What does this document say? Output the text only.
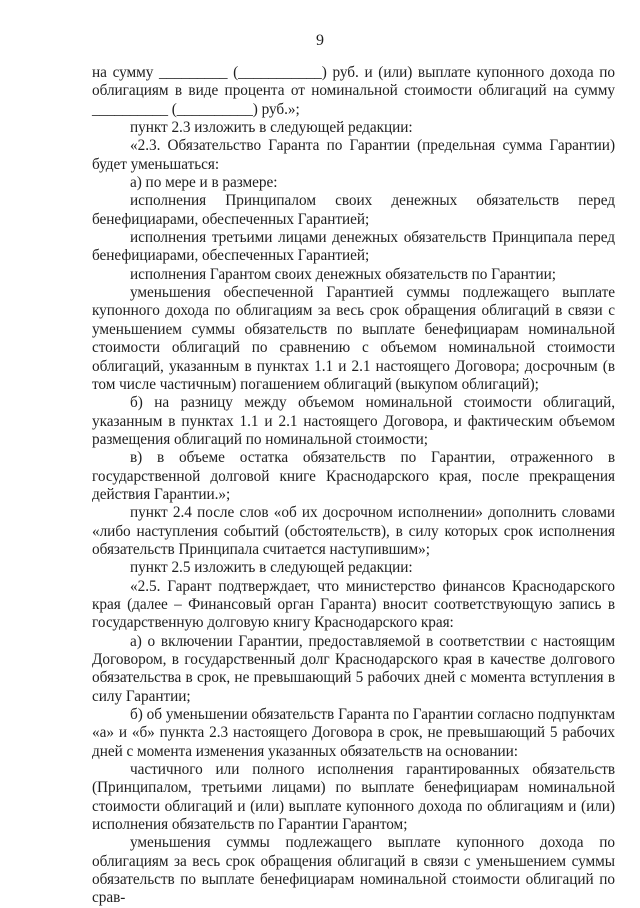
9

на сумму _________ (___________) руб. и (или) выплате купонного дохода по облигациям в виде процента от номинальной стоимости облигаций на сумму __________ (__________) руб.»;

пункт 2.3 изложить в следующей редакции:

«2.3. Обязательство Гаранта по Гарантии (предельная сумма Гарантии) будет уменьшаться:

а) по мере и в размере:

исполнения Принципалом своих денежных обязательств перед бенефициарами, обеспеченных Гарантией;

исполнения третьими лицами денежных обязательств Принципала перед бенефициарами, обеспеченных Гарантией;

исполнения Гарантом своих денежных обязательств по Гарантии;

уменьшения обеспеченной Гарантией суммы подлежащего выплате купонного дохода по облигациям за весь срок обращения облигаций в связи с уменьшением суммы обязательств по выплате бенефициарам номинальной стоимости облигаций по сравнению с объемом номинальной стоимости облигаций, указанным в пунктах 1.1 и 2.1 настоящего Договора; досрочным (в том числе частичным) погашением облигаций (выкупом облигаций);

б) на разницу между объемом номинальной стоимости облигаций, указанным в пунктах 1.1 и 2.1 настоящего Договора, и фактическим объемом размещения облигаций по номинальной стоимости;

в) в объеме остатка обязательств по Гарантии, отраженного в государственной долговой книге Краснодарского края, после прекращения действия Гарантии.»;

пункт 2.4 после слов «об их досрочном исполнении» дополнить словами «либо наступления событий (обстоятельств), в силу которых срок исполнения обязательств Принципала считается наступившим»;

пункт 2.5 изложить в следующей редакции:

«2.5. Гарант подтверждает, что министерство финансов Краснодарского края (далее – Финансовый орган Гаранта) вносит соответствующую запись в государственную долговую книгу Краснодарского края:

а) о включении Гарантии, предоставляемой в соответствии с настоящим Договором, в государственный долг Краснодарского края в качестве долгового обязательства в срок, не превышающий 5 рабочих дней с момента вступления в силу Гарантии;

б) об уменьшении обязательств Гаранта по Гарантии согласно подпунктам «а» и «б» пункта 2.3 настоящего Договора в срок, не превышающий 5 рабочих дней с момента изменения указанных обязательств на основании:

частичного или полного исполнения гарантированных обязательств (Принципалом, третьими лицами) по выплате бенефициарам номинальной стоимости облигаций и (или) выплате купонного дохода по облигациям и (или) исполнения обязательств по Гарантии Гарантом;

уменьшения суммы подлежащего выплате купонного дохода по облигациям за весь срок обращения облигаций в связи с уменьшением суммы обязательств по выплате бенефициарам номинальной стоимости облигаций по срав-
